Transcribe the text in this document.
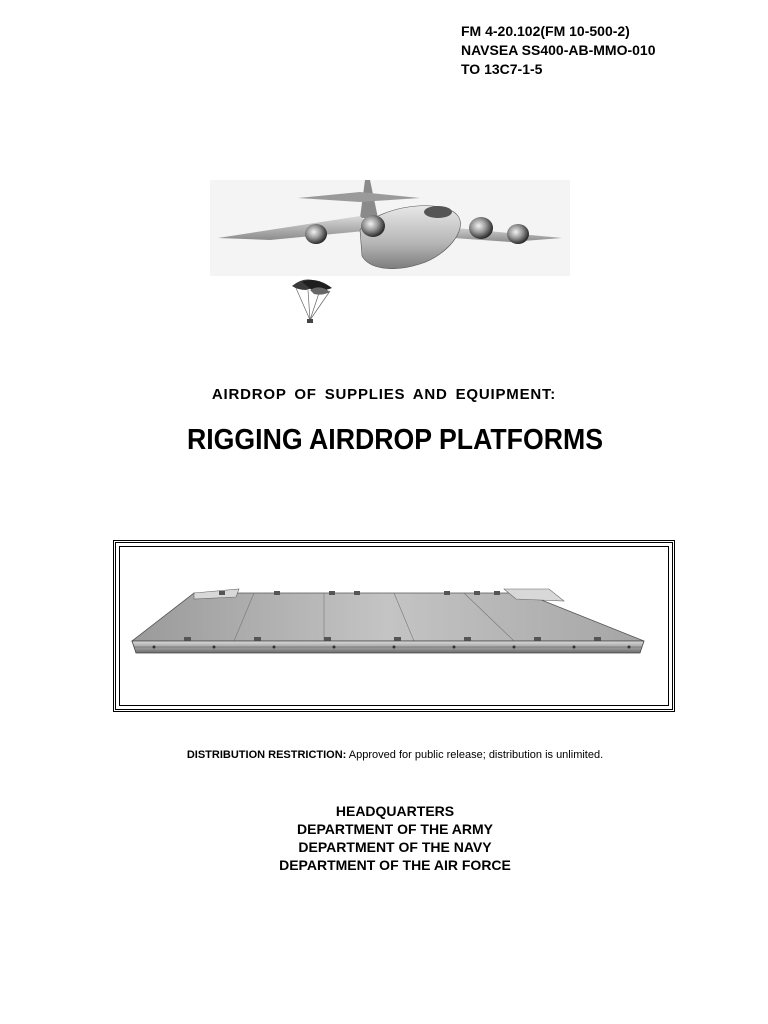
FM 4-20.102(FM 10-500-2)
NAVSEA SS400-AB-MMO-010
TO 13C7-1-5
AIRDROP OF SUPPLIES AND EQUIPMENT:
RIGGING AIRDROP PLATFORMS
DISTRIBUTION RESTRICTION: Approved for public release; distribution is unlimited.
HEADQUARTERS
DEPARTMENT OF THE ARMY
DEPARTMENT OF THE NAVY
DEPARTMENT OF THE AIR FORCE
